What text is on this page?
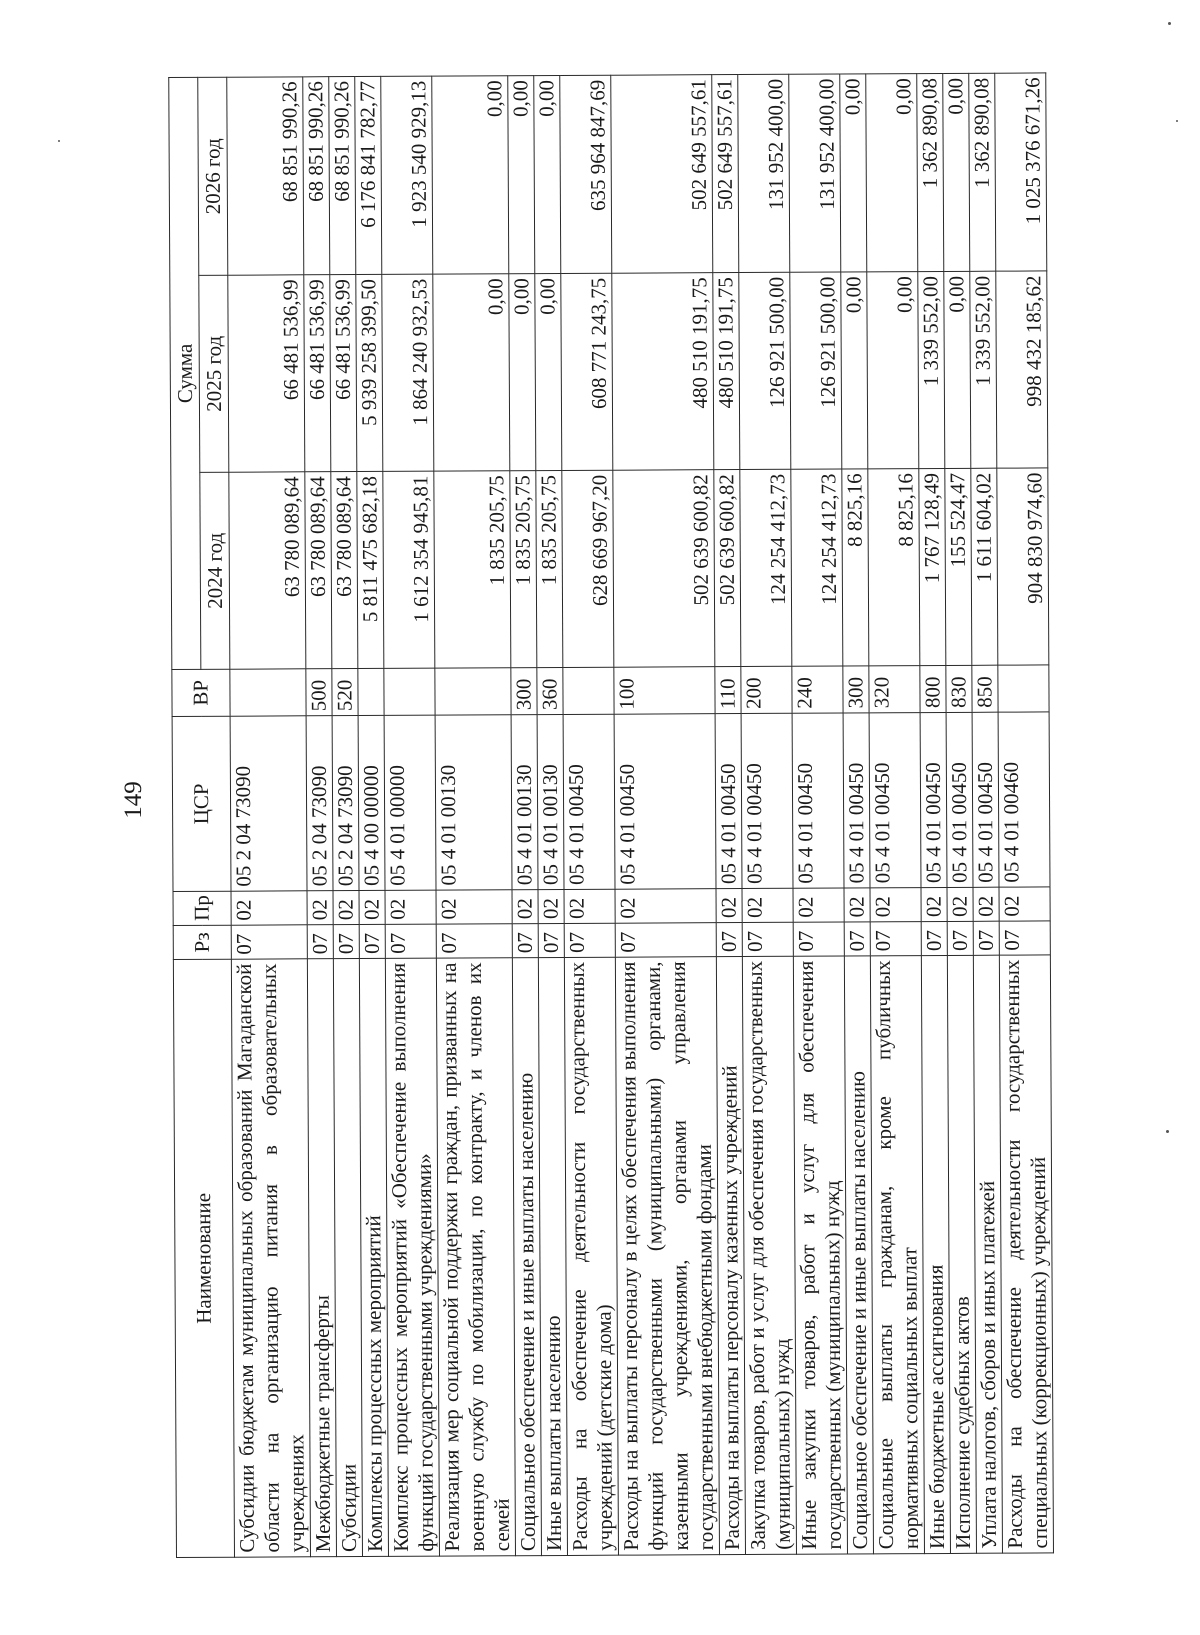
149
Наименование	Рз	Пр	ЦСР	ВР	Сумма		
					2024 год	2025 год	2026 год
Субсидии бюджетам муниципальных образований Магаданской области на организацию питания в образовательных учреждениях	07	02	05 2 04 73090		63 780 089,64	66 481 536,99	68 851 990,26
Межбюджетные трансферты	07	02	05 2 04 73090	500	63 780 089,64	66 481 536,99	68 851 990,26
Субсидии	07	02	05 2 04 73090	520	63 780 089,64	66 481 536,99	68 851 990,26
Комплексы процессных мероприятий	07	02	05 4 00 00000		5 811 475 682,18	5 939 258 399,50	6 176 841 782,77
Комплекс процессных мероприятий «Обеспечение выполнения функций государственными учреждениями»	07	02	05 4 01 00000		1 612 354 945,81	1 864 240 932,53	1 923 540 929,13
Реализация мер социальной поддержки граждан, призванных на военную службу по мобилизации, по контракту, и членов их семей	07	02	05 4 01 00130		1 835 205,75	0,00	0,00
Социальное обеспечение и иные выплаты населению	07	02	05 4 01 00130	300	1 835 205,75	0,00	0,00
Иные выплаты населению	07	02	05 4 01 00130	360	1 835 205,75	0,00	0,00
Расходы на обеспечение деятельности государственных учреждений (детские дома)	07	02	05 4 01 00450		628 669 967,20	608 771 243,75	635 964 847,69
Расходы на выплаты персоналу в целях обеспечения выполнения функций государственными (муниципальными) органами, казенными учреждениями, органами управления государственными внебюджетными фондами	07	02	05 4 01 00450	100	502 639 600,82	480 510 191,75	502 649 557,61
Расходы на выплаты персоналу казенных учреждений	07	02	05 4 01 00450	110	502 639 600,82	480 510 191,75	502 649 557,61
Закупка товаров, работ и услуг для обеспечения государственных (муниципальных) нужд	07	02	05 4 01 00450	200	124 254 412,73	126 921 500,00	131 952 400,00
Иные закупки товаров, работ и услуг для обеспечения государственных (муниципальных) нужд	07	02	05 4 01 00450	240	124 254 412,73	126 921 500,00	131 952 400,00
Социальное обеспечение и иные выплаты населению	07	02	05 4 01 00450	300	8 825,16	0,00	0,00
Социальные выплаты гражданам, кроме публичных нормативных социальных выплат	07	02	05 4 01 00450	320	8 825,16	0,00	0,00
Иные бюджетные ассигнования	07	02	05 4 01 00450	800	1 767 128,49	1 339 552,00	1 362 890,08
Исполнение судебных актов	07	02	05 4 01 00450	830	155 524,47	0,00	0,00
Уплата налогов, сборов и иных платежей	07	02	05 4 01 00450	850	1 611 604,02	1 339 552,00	1 362 890,08
Расходы на обеспечение деятельности государственных специальных (коррекционных) учреждений	07	02	05 4 01 00460		904 830 974,60	998 432 185,62	1 025 376 671,26
